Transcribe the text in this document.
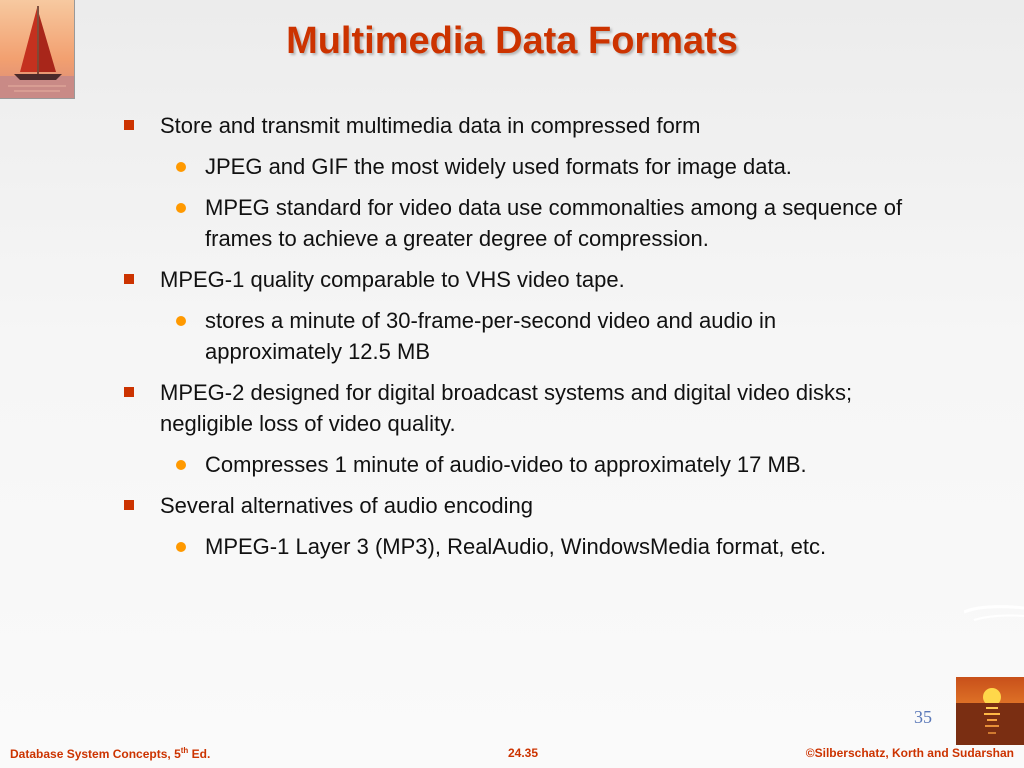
Multimedia Data Formats
Store and transmit multimedia data in compressed form
JPEG and GIF the most widely used formats for image data.
MPEG standard for video data use commonalties among a sequence of frames to achieve a greater degree of compression.
MPEG-1 quality comparable to VHS video tape.
stores a minute of 30-frame-per-second video and audio in approximately 12.5 MB
MPEG-2 designed for digital broadcast systems and digital video disks; negligible loss of video quality.
Compresses 1 minute of audio-video to approximately 17 MB.
Several alternatives of audio encoding
MPEG-1 Layer 3 (MP3), RealAudio, WindowsMedia format, etc.
35
Database System Concepts, 5th Ed.	24.35	©Silberschatz, Korth and Sudarshan
